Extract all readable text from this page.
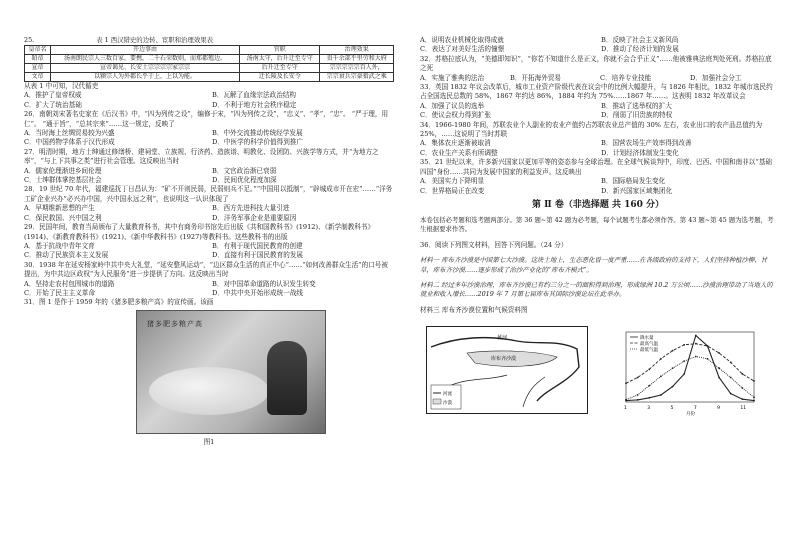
25.	表 1 西汉错史的边转、宦职和治理效果表
皇帝名	开边事由	官职	治理效果
昭帝	汤南朗民宗人三数百家，要携，二千石荣数则，而郑都殖边。	汤南太守，后升迁至专守	贵千余部乎里劳和大府
宣帝	宣帝谒见、长安土宗宗宗宗家宗宗	后升迁至专守	宗宗宗宗宗百人外，
文帝	以颍宗人为外郡长乎于上，上以为能。	迁长陵及长安令	宗宗衰兵宗豪猾武之乘

从表 1 中可知，汉代循吏

A．推护了皇帝权威	B．瓦解了血缘宗法政治结构
C．扩大了统治基础	D．不利于地方社会秩序稳定

26．南朝刘宋著名史家在《后汉书》中，“四为列传之设”，编修于宋，“四为列传之设”，“忠义”、“孝”，“忠”。 “严于理，用仁”。 “通于旨”，“总其宗来”……这一规定，反映了

A．当时海上丝绸贸易较为兴盛	B．中外交流推动传统经学发展
C．中国药物学体系于汉代形成	D．中医学的科学价值得到推广

27．明清时期，地方士绅通过修缮桥、建祠堂、立族规、行济药、造族谱、明教化、设团防、兴族学等方式，并“为地方之率”，“与上下共事之类”进行社会管理。这反映出当时

A．儒家伦理渐进乡间伦理	B．文官政治渐已衰弱
C．士绅群体掌控基层社会	D．民间优化程度加深

28．19 世纪 70 年代，福建巡抚丁日昌认为：“矿不开则民弱，民弱则兵不足。”“中国用以抵制”，“辟城成市开在宏”……“洋务工矿企业兴办”必兴办中国，兴中国永远之利”，也说明这一认识体现了

A．早期维新思想的产生	B．西方先进科技大量引进
C．保民救国、兴中国之利	D．洋务军事企业是重要原因

29．民国年间，教育当局颁布了大量教育科书，其中有商务印书馆先后出版《共和国教科书》(1912)、《新学制教科书》(1914)、《新教育教科书》(1921)、《新中华教科书》(1927)等教科书。这些教科书的出版

A．基于抗战中青年文育	B．有利于现代国民教育的创建
C．推动了民族资本主义发展	D．直接有利于国民教育的发展

30．1938 年在延安杨家岭中共中央大礼堂，“延安整风运动”，“边区群众生活的真正中心”……“如何改善群众生活”的口号被提出，为中共边区政权“为人民服务”进一步提供了方向。这反映出当时

A．坚持走农村包围城市的道路	B．对中国革命道路的认识发生转变
C．开始了民主主义革命	D．中共中央开始形成统一战线

31．图 1 是作于 1959 年的《猪多肥多粮产高》的宣传画。该画

猪多肥多粮产高
图1
A．说明农业机械化取得成就	B．反映了社会主义新风尚
C．表达了对美好生活的憧憬	D．推动了经济计划的发展

32．苏格拉底认为，“美德即知识”，“你若不知道什么是正义，你就不会合乎正义”……他被雅典法庭判处死刑。苏格拉底之死

A．实施了雅典的法治	B．开拓海外贸易	C．培养专业技能	D．加强社会分工

33．英国 1832 年议会改革后，城市工业资产阶级代表在议会中的比例大幅提升，与 1826 年相比，1832 年城市选民约占全国选民总数的 58%，1867 年约达 86%，1884 年约为 75%……1867 年……。这表明 1832 年改革议会

A．加强了议员的选举	B．推动了选举权的扩大
C．使议会权力得到扩张	D．削弱了旧贵族的特权

34．1966-1980 年间，苏联农业个人副业的农业产值约占苏联农业总产值的 30% 左右，农业出口的农产品总值约为 25%，……这说明了当时苏联

A．集体农庄逐渐被取消	B．国营农场生产效率得到改善
C．农业生产关系有所调整	D．计划经济体制发生变化

35．21 世纪以来，许多新兴国家以更加平等的姿态参与全球治理。在全球气候谈判中，印度、巴西、中国和南非以“基础四国”身份……共同为发展中国家的利益发声。这反映出

A．美国实力下降明显	B．国际格局发生变化
C．世界格局正在改变	D．新兴国家区域集团化
第 Ⅱ 卷（非选择题 共 160 分）

本卷包括必考题和选考题两部分。第 36 题~第 42 题为必考题，每个试题考生都必须作答。第 43 题~第 45 题为选考题，考生根据要求作答。

36．阅读下列图文材料，回答下列问题。（24 分）

材料一 库布齐沙漠是中国第七大沙漠。这块土地上，生态恶化曾一度严重……在各级政府的支持下，人们坚持种植沙柳、甘草，库布齐沙漠……逐步形成了治沙产业化的“库布齐模式”。

材料二 经过多年沙漠治理，库布齐沙漠已有约三分之一的面积得到治理，形成绿洲 10.2 万公顷……沙漠治理带动了当地人的就业和收入增长……2019 年 7 月第七届库布其国际沙漠论坛在此举办。

材料三 库布齐沙漠位置和气候资料图

黄河
库布齐沙漠
河流
沙漠
1	3	5	7	9	11
月份
降水量
最高气温
最低气温
